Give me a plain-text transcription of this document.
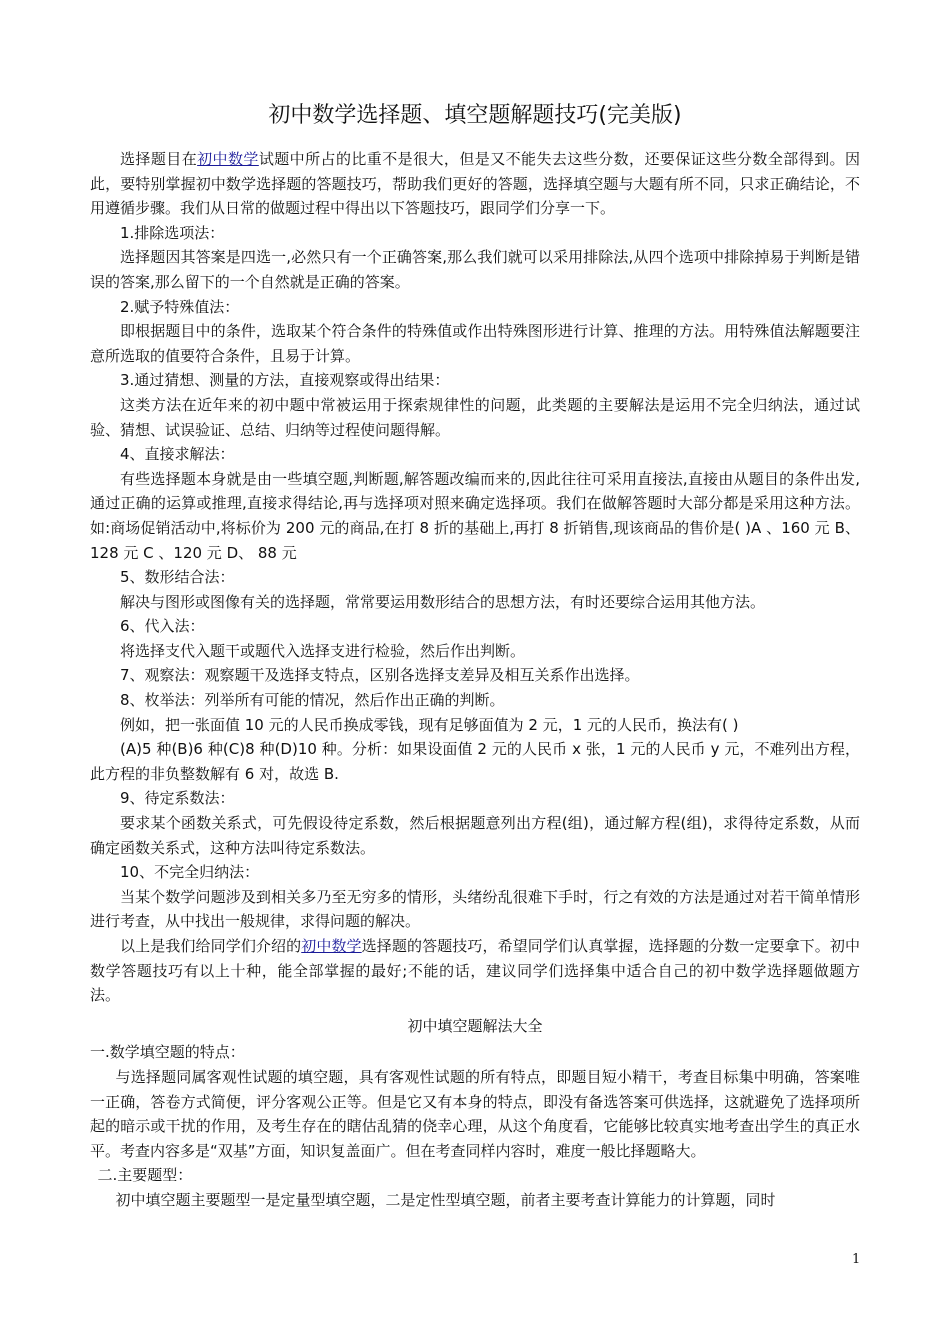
初中数学选择题、填空题解题技巧(完美版)

选择题目在初中数学试题中所占的比重不是很大，但是又不能失去这些分数，还要保证这些分数全部得到。因此，要特别掌握初中数学选择题的答题技巧，帮助我们更好的答题，选择填空题与大题有所不同，只求正确结论，不用遵循步骤。我们从日常的做题过程中得出以下答题技巧，跟同学们分享一下。

1.排除选项法：

选择题因其答案是四选一,必然只有一个正确答案,那么我们就可以采用排除法,从四个选项中排除掉易于判断是错误的答案,那么留下的一个自然就是正确的答案。

2.赋予特殊值法：

即根据题目中的条件，选取某个符合条件的特殊值或作出特殊图形进行计算、推理的方法。用特殊值法解题要注意所选取的值要符合条件，且易于计算。

3.通过猜想、测量的方法，直接观察或得出结果：

这类方法在近年来的初中题中常被运用于探索规律性的问题，此类题的主要解法是运用不完全归纳法，通过试验、猜想、试误验证、总结、归纳等过程使问题得解。

4、直接求解法：

有些选择题本身就是由一些填空题,判断题,解答题改编而来的,因此往往可采用直接法,直接由从题目的条件出发,通过正确的运算或推理,直接求得结论,再与选择项对照来确定选择项。我们在做解答题时大部分都是采用这种方法。如:商场促销活动中,将标价为 200 元的商品,在打 8 折的基础上,再打 8 折销售,现该商品的售价是( )A 、160 元 B、128 元 C 、120 元 D、 88 元

5、数形结合法：

解决与图形或图像有关的选择题，常常要运用数形结合的思想方法，有时还要综合运用其他方法。

6、代入法：

将选择支代入题干或题代入选择支进行检验，然后作出判断。

7、观察法：观察题干及选择支特点，区别各选择支差异及相互关系作出选择。

8、枚举法：列举所有可能的情况，然后作出正确的判断。

例如，把一张面值 10 元的人民币换成零钱，现有足够面值为 2 元，1 元的人民币，换法有( )

(A)5 种(B)6 种(C)8 种(D)10 种。分析：如果设面值 2 元的人民币 x 张，1 元的人民币 y 元，不难列出方程，此方程的非负整数解有 6 对，故选 B.

9、待定系数法：

要求某个函数关系式，可先假设待定系数，然后根据题意列出方程(组)，通过解方程(组)，求得待定系数，从而确定函数关系式，这种方法叫待定系数法。

10、不完全归纳法：

当某个数学问题涉及到相关多乃至无穷多的情形，头绪纷乱很难下手时，行之有效的方法是通过对若干简单情形进行考查，从中找出一般规律，求得问题的解决。

以上是我们给同学们介绍的初中数学选择题的答题技巧，希望同学们认真掌握，选择题的分数一定要拿下。初中数学答题技巧有以上十种，能全部掌握的最好;不能的话，建议同学们选择集中适合自己的初中数学选择题做题方法。

初中填空题解法大全

一.数学填空题的特点：

与选择题同属客观性试题的填空题，具有客观性试题的所有特点，即题目短小精干，考查目标集中明确，答案唯一正确，答卷方式简便，评分客观公正等。但是它又有本身的特点，即没有备选答案可供选择，这就避免了选择项所起的暗示或干扰的作用，及考生存在的瞎估乱猜的侥幸心理，从这个角度看，它能够比较真实地考查出学生的真正水平。考查内容多是“双基”方面，知识复盖面广。但在考查同样内容时，难度一般比择题略大。

二.主要题型：

初中填空题主要题型一是定量型填空题，二是定性型填空题，前者主要考查计算能力的计算题，同时

1
